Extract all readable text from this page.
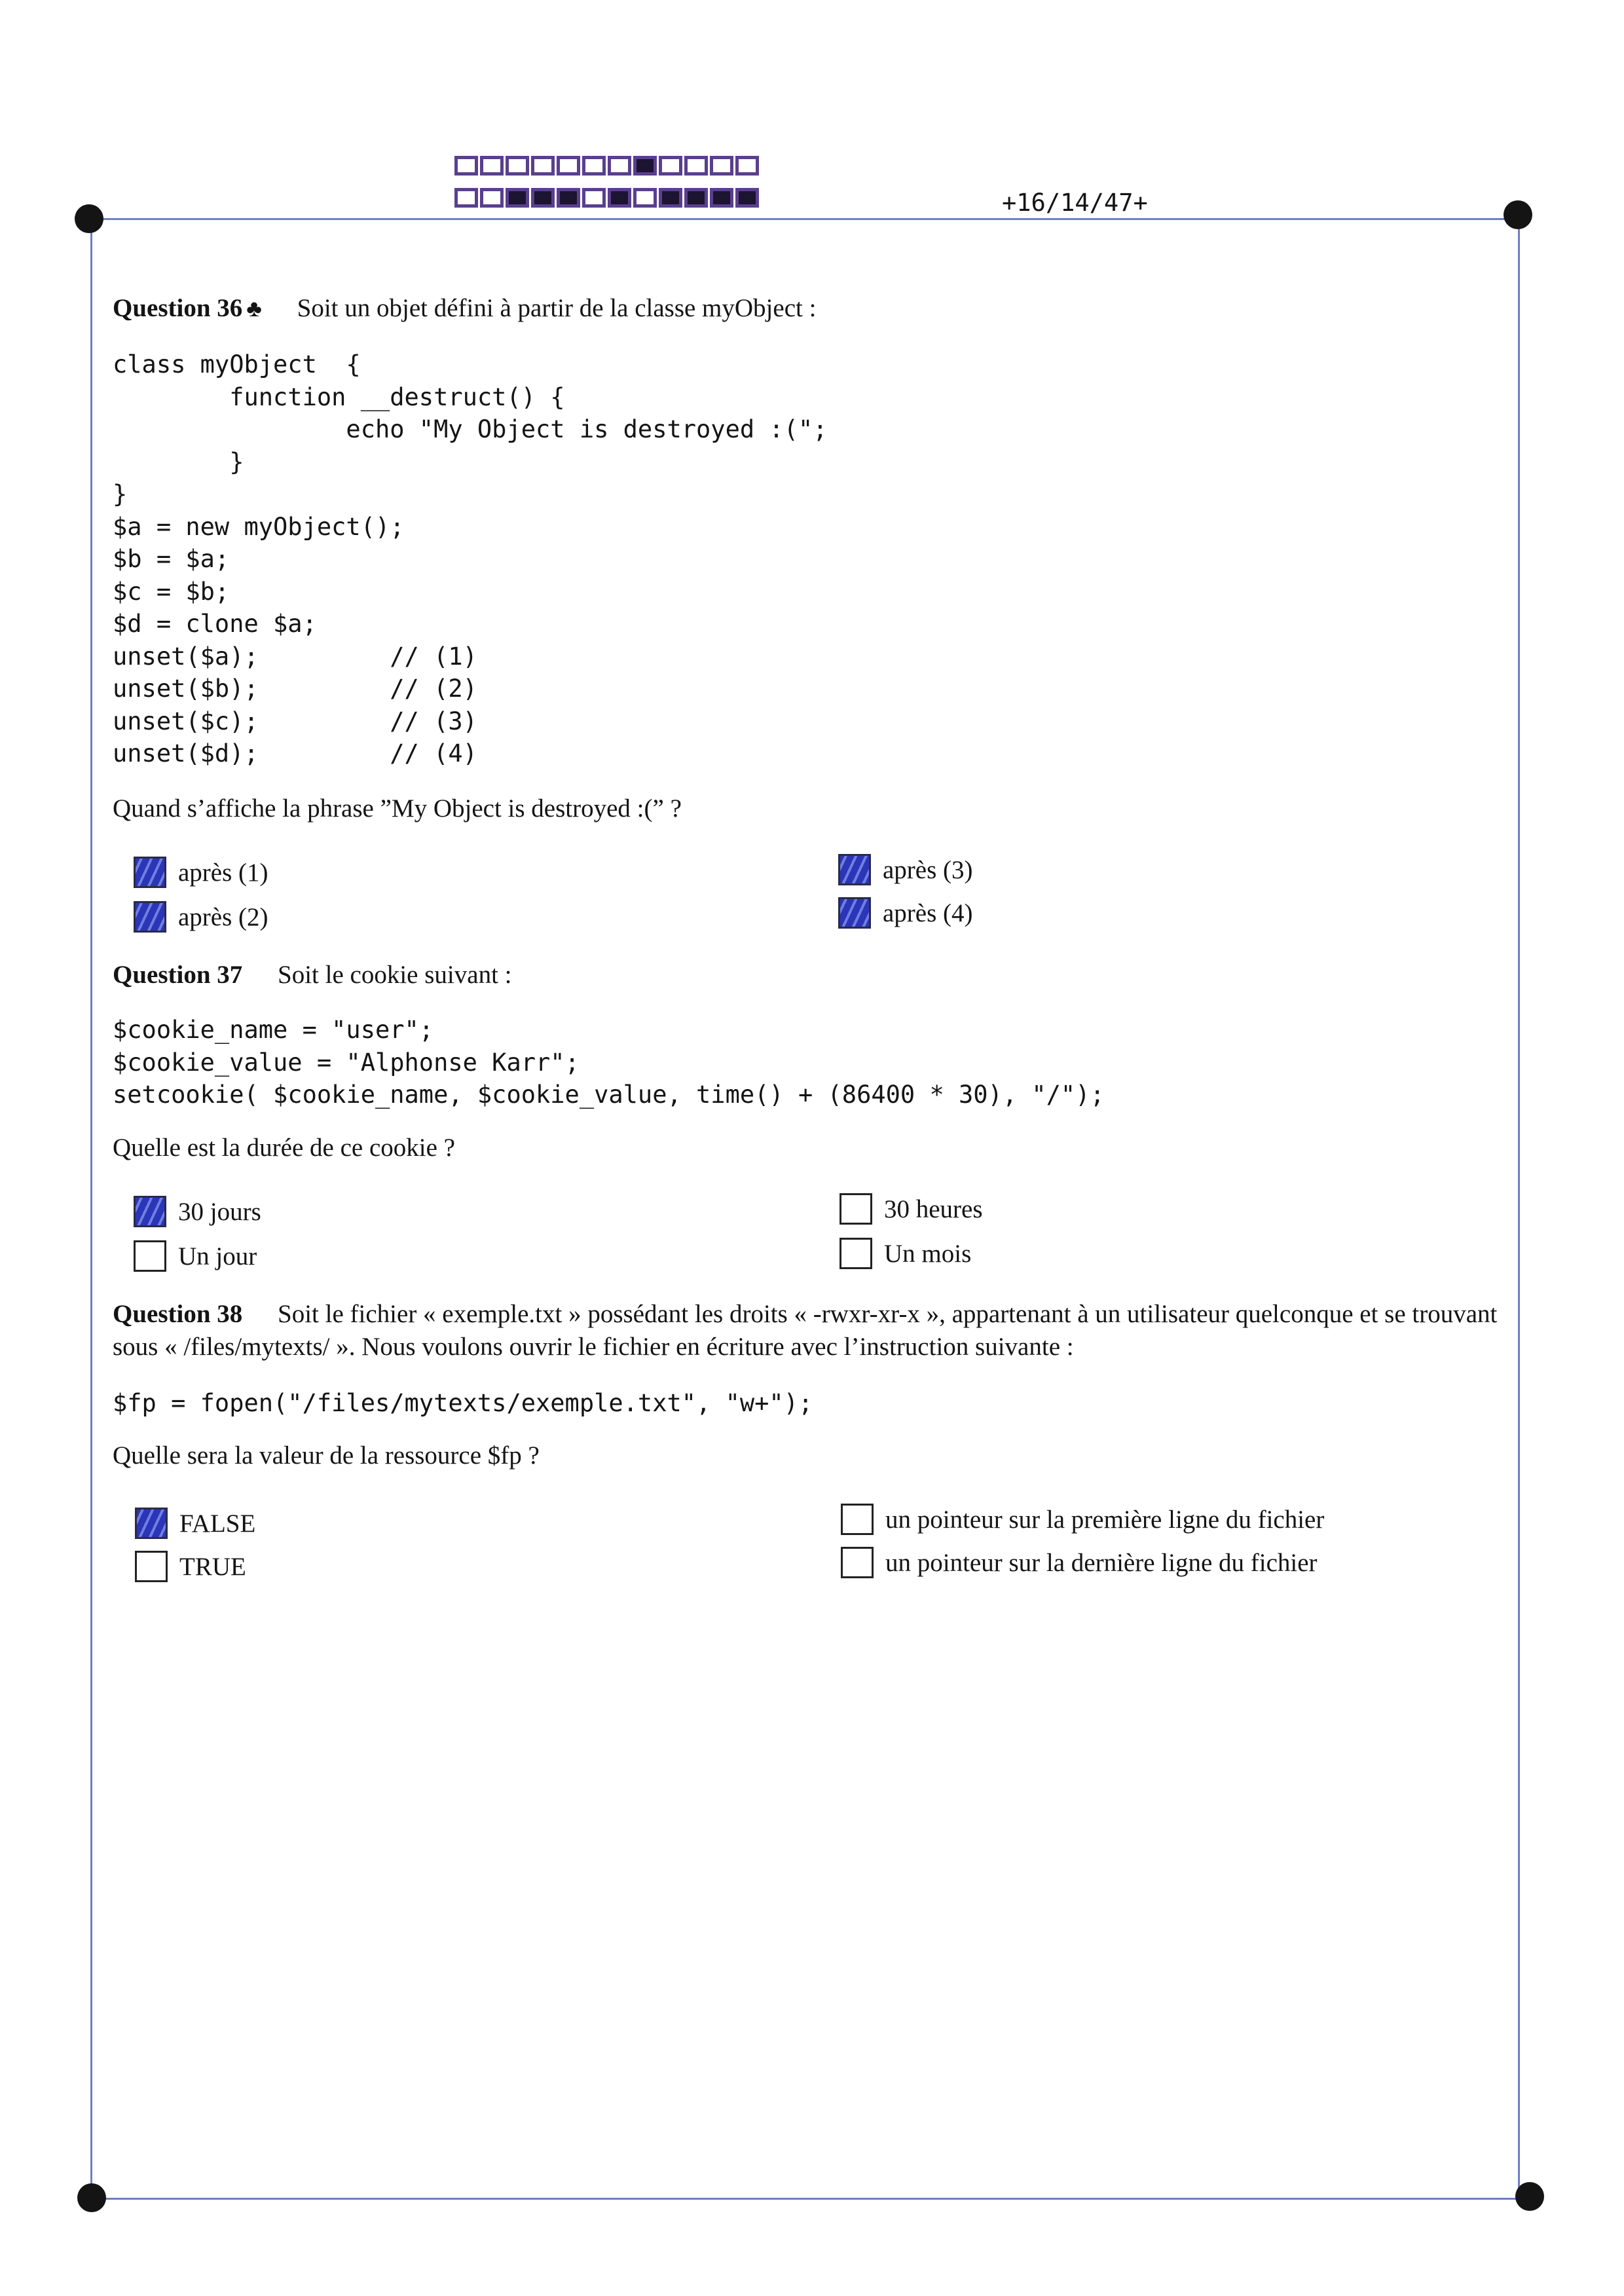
+16/14/47+
Question 36 ♣ Soit un objet défini à partir de la classe myObject :
class myObject  {
function __destruct() {
echo "My Object is destroyed :(";
}
}
$a = new myObject();
$b = $a;
$c = $b;
$d = clone $a;
unset($a);         // (1)
unset($b);         // (2)
unset($c);         // (3)
unset($d);         // (4)
Quand s’affiche la phrase ”My Object is destroyed :(” ?
après (1)
après (2)
après (3)
après (4)
Question 37 Soit le cookie suivant :
$cookie_name = "user";
$cookie_value = "Alphonse Karr";
setcookie( $cookie_name, $cookie_value, time() + (86400 * 30), "/");
Quelle est la durée de ce cookie ?
30 jours
Un jour
30 heures
Un mois
Question 38 Soit le fichier « exemple.txt » possédant les droits « -rwxr-xr-x », appartenant à un utilisateur quelconque et se trouvant sous « /files/mytexts/ ». Nous voulons ouvrir le fichier en écriture avec l’instruction suivante :
$fp = fopen("/files/mytexts/exemple.txt", "w+");
Quelle sera la valeur de la ressource $fp ?
FALSE
TRUE
un pointeur sur la première ligne du fichier
un pointeur sur la dernière ligne du fichier
